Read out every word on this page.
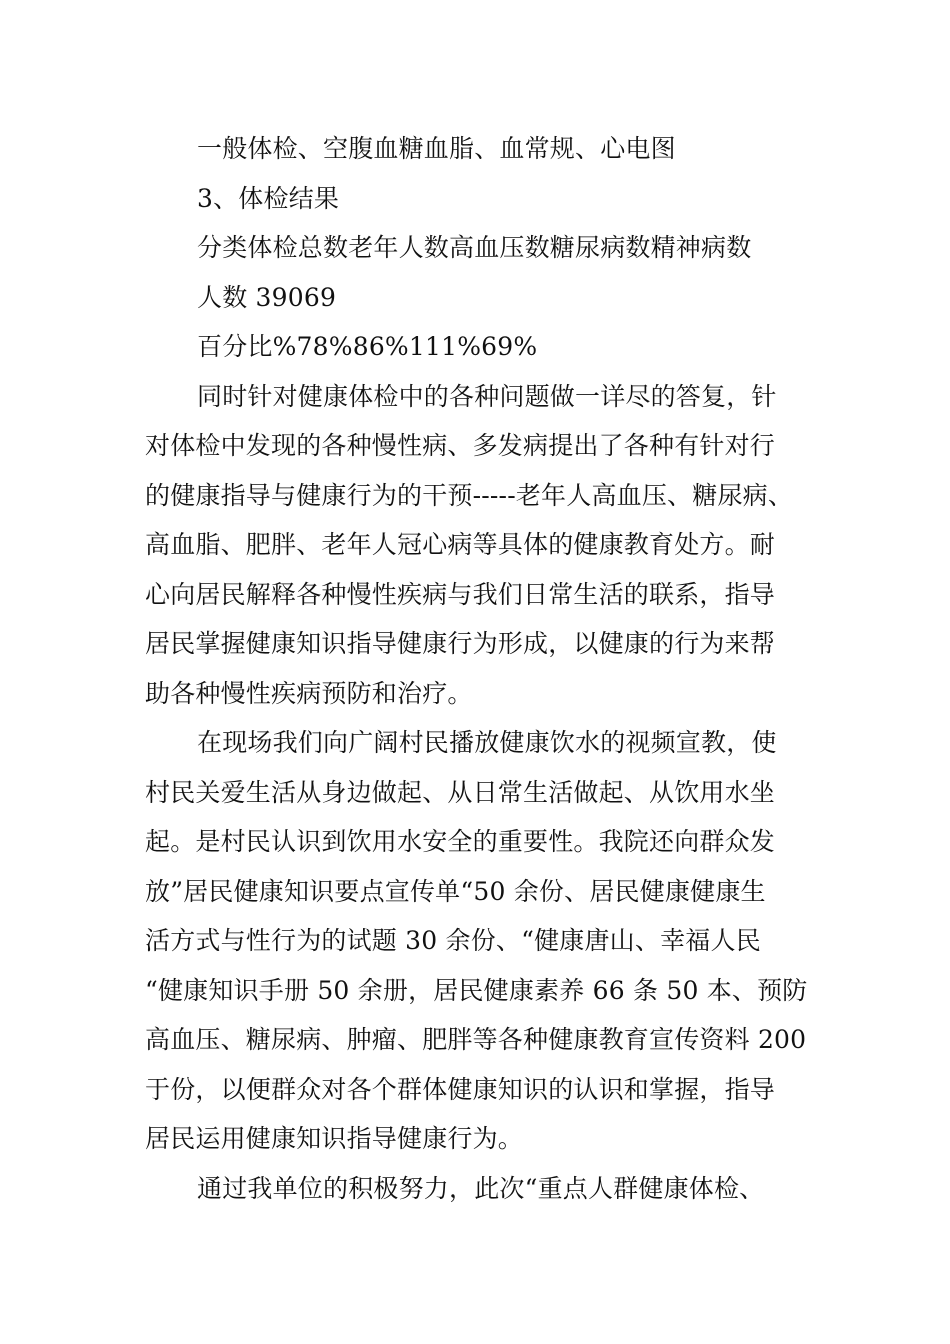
一般体检、空腹血糖血脂、血常规、心电图
3、体检结果
分类体检总数老年人数高血压数糖尿病数精神病数
人数 39069
百分比%78%86%111%69%
同时针对健康体检中的各种问题做一详尽的答复，针
对体检中发现的各种慢性病、多发病提出了各种有针对行
的健康指导与健康行为的干预-----老年人高血压、糖尿病、
高血脂、肥胖、老年人冠心病等具体的健康教育处方。耐
心向居民解释各种慢性疾病与我们日常生活的联系，指导
居民掌握健康知识指导健康行为形成，以健康的行为来帮
助各种慢性疾病预防和治疗。
在现场我们向广阔村民播放健康饮水的视频宣教，使
村民关爱生活从身边做起、从日常生活做起、从饮用水坐
起。是村民认识到饮用水安全的重要性。我院还向群众发
放”居民健康知识要点宣传单“50 余份、居民健康健康生
活方式与性行为的试题 30 余份、“健康唐山、幸福人民
“健康知识手册 50 余册，居民健康素养 66 条 50 本、预防
高血压、糖尿病、肿瘤、肥胖等各种健康教育宣传资料 200
于份，以便群众对各个群体健康知识的认识和掌握，指导
居民运用健康知识指导健康行为。
通过我单位的积极努力，此次“重点人群健康体检、
